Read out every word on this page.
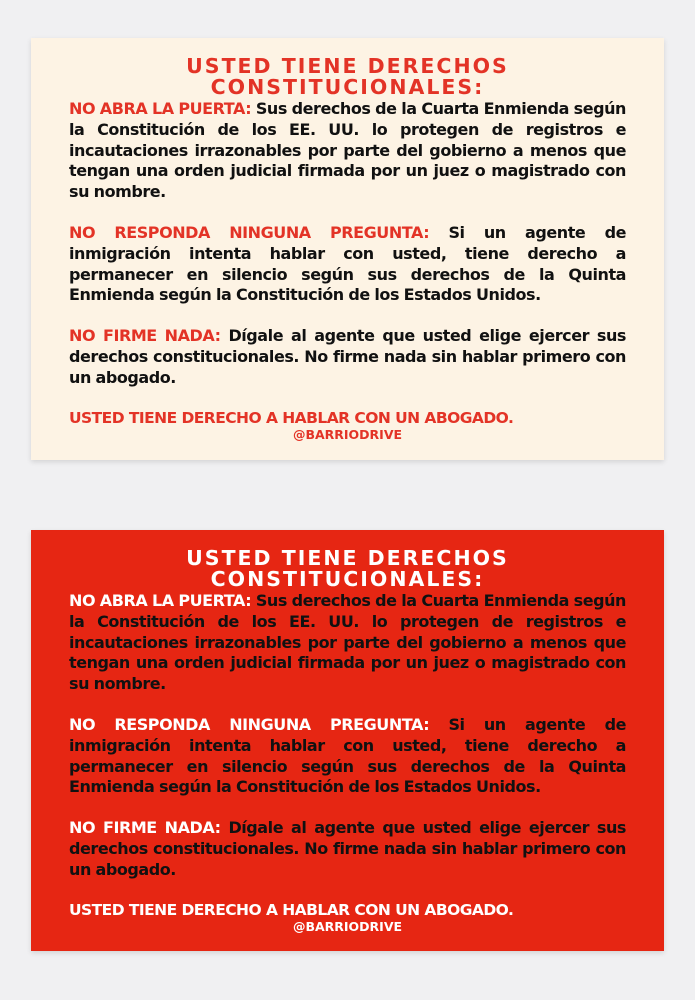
USTED TIENE DERECHOS
CONSTITUCIONALES:

NO ABRA LA PUERTA: Sus derechos de la Cuarta Enmienda según la Constitución de los EE. UU. lo protegen de registros e incautaciones irrazonables por parte del gobierno a menos que tengan una orden judicial firmada por un juez o magistrado con su nombre.

NO RESPONDA NINGUNA PREGUNTA: Si un agente de inmigración intenta hablar con usted, tiene derecho a permanecer en silencio según sus derechos de la Quinta Enmienda según la Constitución de los Estados Unidos.

NO FIRME NADA: Dígale al agente que usted elige ejercer sus derechos constitucionales. No firme nada sin hablar primero con un abogado.

USTED TIENE DERECHO A HABLAR CON UN ABOGADO.

@BARRIODRIVE

USTED TIENE DERECHOS
CONSTITUCIONALES:

NO ABRA LA PUERTA: Sus derechos de la Cuarta Enmienda según la Constitución de los EE. UU. lo protegen de registros e incautaciones irrazonables por parte del gobierno a menos que tengan una orden judicial firmada por un juez o magistrado con su nombre.

NO RESPONDA NINGUNA PREGUNTA: Si un agente de inmigración intenta hablar con usted, tiene derecho a permanecer en silencio según sus derechos de la Quinta Enmienda según la Constitución de los Estados Unidos.

NO FIRME NADA: Dígale al agente que usted elige ejercer sus derechos constitucionales. No firme nada sin hablar primero con un abogado.

USTED TIENE DERECHO A HABLAR CON UN ABOGADO.

@BARRIODRIVE
